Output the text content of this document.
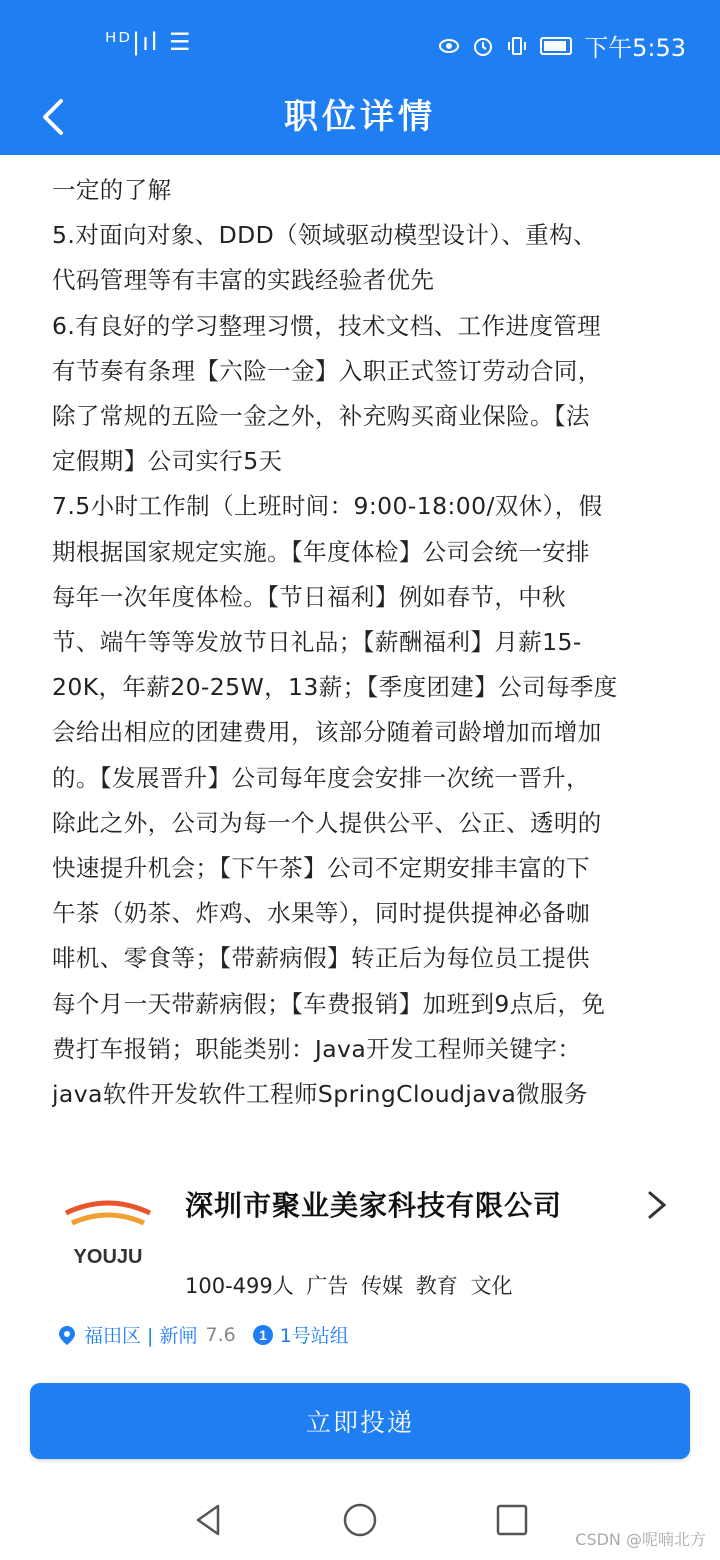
ᴴᴰ|ıl ☰	下午5:53
职位详情
一定的了解
5.对面向对象、DDD（领域驱动模型设计）、重构、
代码管理等有丰富的实践经验者优先
6.有良好的学习整理习惯，技术文档、工作进度管理
有节奏有条理【六险一金】入职正式签订劳动合同，
除了常规的五险一金之外，补充购买商业保险。【法
定假期】公司实行5天
7.5小时工作制（上班时间：9:00-18:00/双休），假
期根据国家规定实施。【年度体检】公司会统一安排
每年一次年度体检。【节日福利】例如春节，中秋
节、端午等等发放节日礼品；【薪酬福利】月薪15-
20K，年薪20-25W，13薪；【季度团建】公司每季度
会给出相应的团建费用，该部分随着司龄增加而增加
的。【发展晋升】公司每年度会安排一次统一晋升，
除此之外，公司为每一个人提供公平、公正、透明的
快速提升机会；【下午茶】公司不定期安排丰富的下
午茶（奶茶、炸鸡、水果等），同时提供提神必备咖
啡机、零食等；【带薪病假】转正后为每位员工提供
每个月一天带薪病假；【车费报销】加班到9点后，免
费打车报销；职能类别：Java开发工程师关键字：
java软件开发软件工程师SpringCloudjava微服务
YOUJU
深圳市聚业美家科技有限公司
100-499人 广告 传媒 教育 文化
福田区 | 新闸 7.6 1 1号站组
立即投递
CSDN @呢喃北方
